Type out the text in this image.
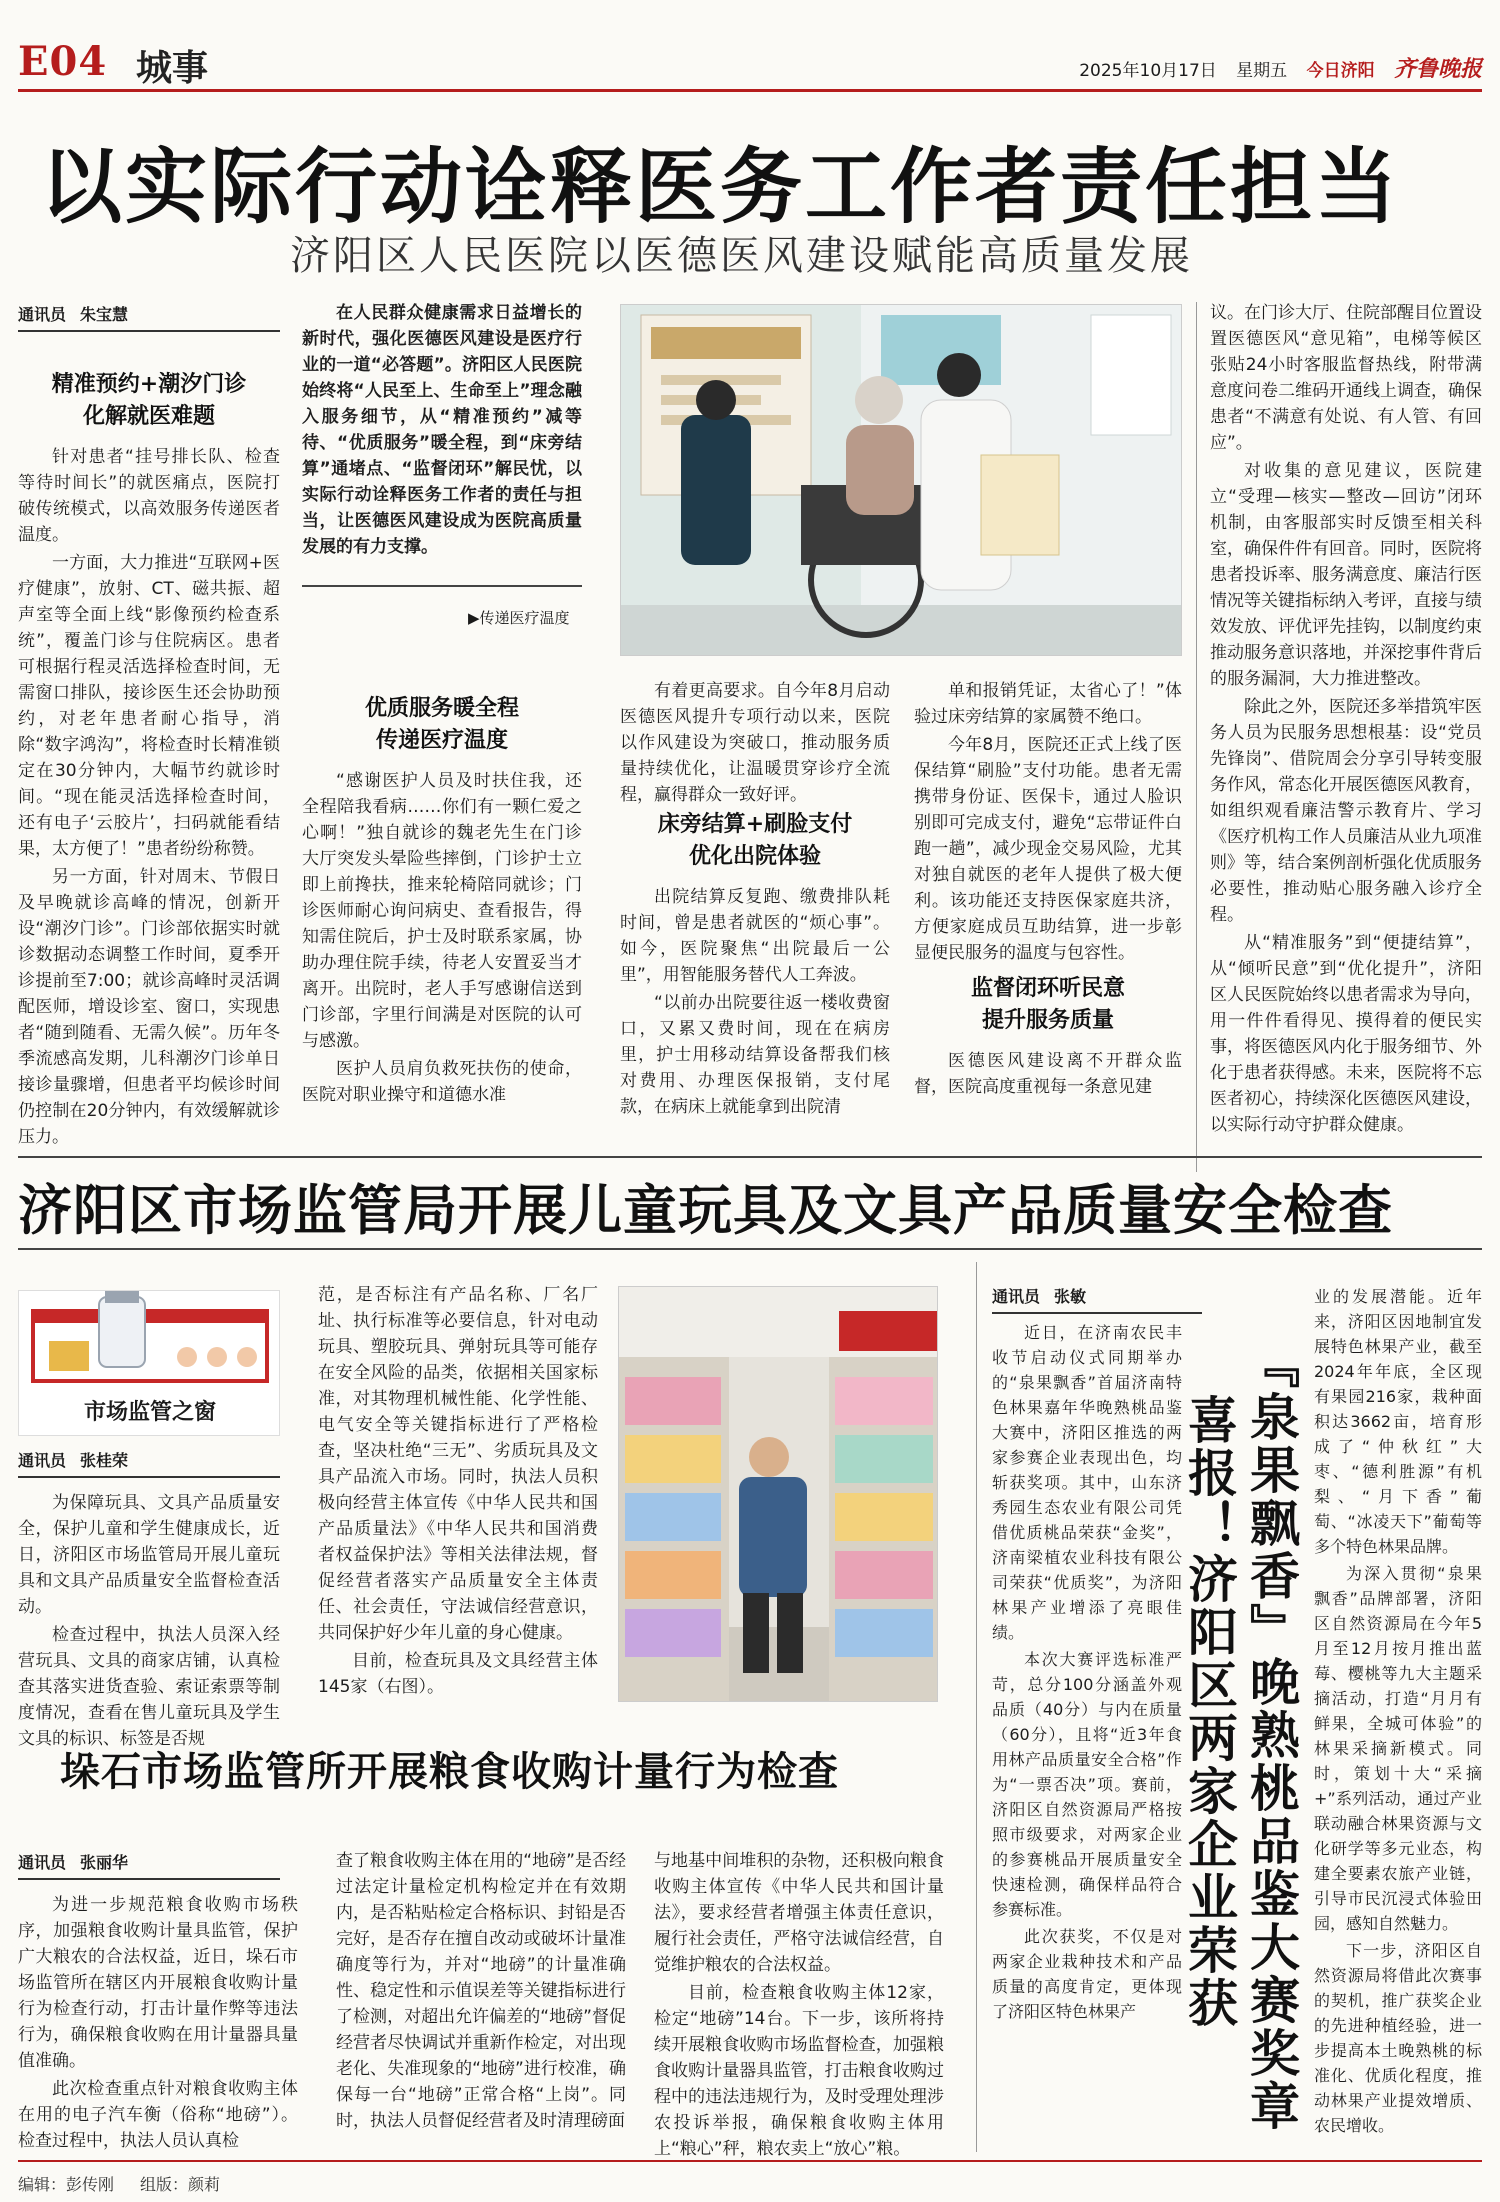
E04 城事	2025年10月17日 星期五 今日济阳 齐鲁晚报
以实际行动诠释医务工作者责任担当
济阳区人民医院以医德医风建设赋能高质量发展
通讯员 朱宝慧
精准预约+潮汐门诊
化解就医难题

针对患者“挂号排长队、检查等待时间长”的就医痛点，医院打破传统模式，以高效服务传递医者温度。

一方面，大力推进“互联网+医疗健康”，放射、CT、磁共振、超声室等全面上线“影像预约检查系统”，覆盖门诊与住院病区。患者可根据行程灵活选择检查时间，无需窗口排队，接诊医生还会协助预约，对老年患者耐心指导，消除“数字鸿沟”，将检查时长精准锁定在30分钟内，大幅节约就诊时间。“现在能灵活选择检查时间，还有电子‘云胶片’，扫码就能看结果，太方便了！”患者纷纷称赞。

另一方面，针对周末、节假日及早晚就诊高峰的情况，创新开设“潮汐门诊”。门诊部依据实时就诊数据动态调整工作时间，夏季开诊提前至7:00；就诊高峰时灵活调配医师，增设诊室、窗口，实现患者“随到随看、无需久候”。历年冬季流感高发期，儿科潮汐门诊单日接诊量骤增，但患者平均候诊时间仍控制在20分钟内，有效缓解就诊压力。

在人民群众健康需求日益增长的新时代，强化医德医风建设是医疗行业的一道“必答题”。济阳区人民医院始终将“人民至上、生命至上”理念融入服务细节，从“精准预约”减等待、“优质服务”暖全程，到“床旁结算”通堵点、“监督闭环”解民忧，以实际行动诠释医务工作者的责任与担当，让医德医风建设成为医院高质量发展的有力支撑。

▶传递医疗温度
优质服务暖全程
传递医疗温度

“感谢医护人员及时扶住我，还全程陪我看病……你们有一颗仁爱之心啊！”独自就诊的魏老先生在门诊大厅突发头晕险些摔倒，门诊护士立即上前搀扶，推来轮椅陪同就诊；门诊医师耐心询问病史、查看报告，得知需住院后，护士及时联系家属，协助办理住院手续，待老人安置妥当才离开。出院时，老人手写感谢信送到门诊部，字里行间满是对医院的认可与感激。

医护人员肩负救死扶伤的使命，医院对职业操守和道德水准

有着更高要求。自今年8月启动医德医风提升专项行动以来，医院以作风建设为突破口，推动服务质量持续优化，让温暖贯穿诊疗全流程，赢得群众一致好评。

床旁结算+刷脸支付
优化出院体验

出院结算反复跑、缴费排队耗时间，曾是患者就医的“烦心事”。如今，医院聚焦“出院最后一公里”，用智能服务替代人工奔波。

“以前办出院要往返一楼收费窗口，又累又费时间，现在在病房里，护士用移动结算设备帮我们核对费用、办理医保报销，支付尾款，在病床上就能拿到出院清

单和报销凭证，太省心了！”体验过床旁结算的家属赞不绝口。

今年8月，医院还正式上线了医保结算“刷脸”支付功能。患者无需携带身份证、医保卡，通过人脸识别即可完成支付，避免“忘带证件白跑一趟”，减少现金交易风险，尤其对独自就医的老年人提供了极大便利。该功能还支持医保家庭共济，方便家庭成员互助结算，进一步彰显便民服务的温度与包容性。

监督闭环听民意
提升服务质量

医德医风建设离不开群众监督，医院高度重视每一条意见建

议。在门诊大厅、住院部醒目位置设置医德医风“意见箱”，电梯等候区张贴24小时客服监督热线，附带满意度问卷二维码开通线上调查，确保患者“不满意有处说、有人管、有回应”。

对收集的意见建议，医院建立“受理—核实—整改—回访”闭环机制，由客服部实时反馈至相关科室，确保件件有回音。同时，医院将患者投诉率、服务满意度、廉洁行医情况等关键指标纳入考评，直接与绩效发放、评优评先挂钩，以制度约束推动服务意识落地，并深挖事件背后的服务漏洞，大力推进整改。

除此之外，医院还多举措筑牢医务人员为民服务思想根基：设“党员先锋岗”、借院周会分享引导转变服务作风，常态化开展医德医风教育，如组织观看廉洁警示教育片、学习《医疗机构工作人员廉洁从业九项准则》等，结合案例剖析强化优质服务必要性，推动贴心服务融入诊疗全程。

从“精准服务”到“便捷结算”，从“倾听民意”到“优化提升”，济阳区人民医院始终以患者需求为导向，用一件件看得见、摸得着的便民实事，将医德医风内化于服务细节、外化于患者获得感。未来，医院将不忘医者初心，持续深化医德医风建设，以实际行动守护群众健康。

济阳区市场监管局开展儿童玩具及文具产品质量安全检查
市场监管之窗
通讯员 张桂荣

为保障玩具、文具产品质量安全，保护儿童和学生健康成长，近日，济阳区市场监管局开展儿童玩具和文具产品质量安全监督检查活动。

检查过程中，执法人员深入经营玩具、文具的商家店铺，认真检查其落实进货查验、索证索票等制度情况，查看在售儿童玩具及学生文具的标识、标签是否规

范，是否标注有产品名称、厂名厂址、执行标准等必要信息，针对电动玩具、塑胶玩具、弹射玩具等可能存在安全风险的品类，依据相关国家标准，对其物理机械性能、化学性能、电气安全等关键指标进行了严格检查，坚决杜绝“三无”、劣质玩具及文具产品流入市场。同时，执法人员积极向经营主体宣传《中华人民共和国产品质量法》《中华人民共和国消费者权益保护法》等相关法律法规，督促经营者落实产品质量安全主体责任、社会责任，守法诚信经营意识，共同保护好少年儿童的身心健康。

目前，检查玩具及文具经营主体145家（右图）。

垛石市场监管所开展粮食收购计量行为检查
通讯员 张丽华

为进一步规范粮食收购市场秩序，加强粮食收购计量具监管，保护广大粮农的合法权益，近日，垛石市场监管所在辖区内开展粮食收购计量行为检查行动，打击计量作弊等违法行为，确保粮食收购在用计量器具量值准确。

此次检查重点针对粮食收购主体在用的电子汽车衡（俗称“地磅”）。检查过程中，执法人员认真检

查了粮食收购主体在用的“地磅”是否经过法定计量检定机构检定并在有效期内，是否粘贴检定合格标识、封铅是否完好，是否存在擅自改动或破坏计量准确度等行为，并对“地磅”的计量准确性、稳定性和示值误差等关键指标进行了检测，对超出允许偏差的“地磅”督促经营者尽快调试并重新作检定，对出现老化、失准现象的“地磅”进行校准，确保每一台“地磅”正常合格“上岗”。同时，执法人员督促经营者及时清理磅面

与地基中间堆积的杂物，还积极向粮食收购主体宣传《中华人民共和国计量法》，要求经营者增强主体责任意识，履行社会责任，严格守法诚信经营，自觉维护粮农的合法权益。

目前，检查粮食收购主体12家，检定“地磅”14台。下一步，该所将持续开展粮食收购市场监督检查，加强粮食收购计量器具监管，打击粮食收购过程中的违法违规行为，及时受理处理涉农投诉举报，确保粮食收购主体用上“粮心”秤，粮农卖上“放心”粮。

通讯员 张敏

近日，在济南农民丰收节启动仪式同期举办的“泉果飘香”首届济南特色林果嘉年华晚熟桃品鉴大赛中，济阳区推选的两家参赛企业表现出色，均斩获奖项。其中，山东济秀园生态农业有限公司凭借优质桃品荣获“金奖”，济南梁植农业科技有限公司荣获“优质奖”，为济阳林果产业增添了亮眼佳绩。

本次大赛评选标准严苛，总分100分涵盖外观品质（40分）与内在质量（60分），且将“近3年食用林产品质量安全合格”作为“一票否决”项。赛前，济阳区自然资源局严格按照市级要求，对两家企业的参赛桃品开展质量安全快速检测，确保样品符合参赛标准。

此次获奖，不仅是对两家企业栽种技术和产品质量的高度肯定，更体现了济阳区特色林果产	『泉果飘香』晚熟桃品鉴大赛奖章
喜报！济阳区两家企业荣获

业的发展潜能。近年来，济阳区因地制宜发展特色林果产业，截至2024年年底，全区现有果园216家，栽种面积达3662亩，培育形成了“仲秋红”大枣、“德利胜源”有机梨、“月下香”葡萄、“冰凌天下”葡萄等多个特色林果品牌。

为深入贯彻“泉果飘香”品牌部署，济阳区自然资源局在今年5月至12月按月推出蓝莓、樱桃等九大主题采摘活动，打造“月月有鲜果，全城可体验”的林果采摘新模式。同时，策划十大“采摘+”系列活动，通过产业联动融合林果资源与文化研学等多元业态，构建全要素农旅产业链，引导市民沉浸式体验田园，感知自然魅力。

下一步，济阳区自然资源局将借此次赛事的契机，推广获奖企业的先进种植经验，进一步提高本土晚熟桃的标准化、优质化程度，推动林果产业提效增质、农民增收。

编辑：彭传刚 组版：颜莉
